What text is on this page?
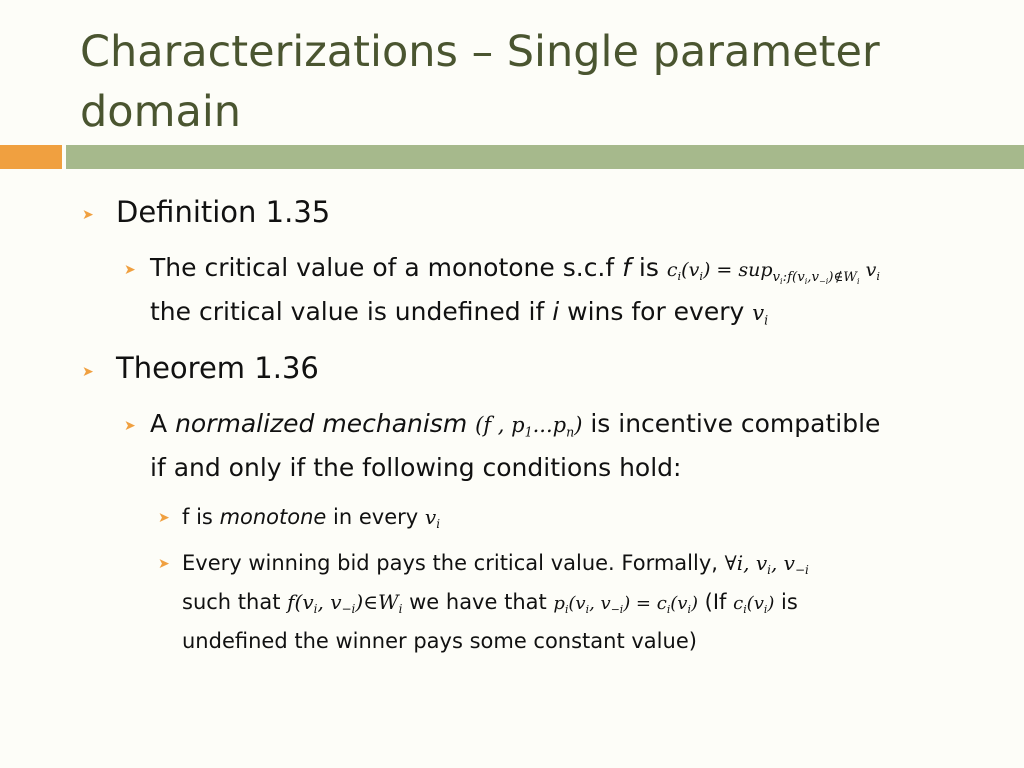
Characterizations – Single parameter domain
➤ Definition 1.35
➤ The critical value of a monotone s.c.f f is $c_i(v_i) = sup_{v_i:f(v_i,v_{-i})\notin W_i}$ $v_i$
the critical value is undefined if i wins for every $v_i$
➤ Theorem 1.36
➤ A normalized mechanism (f , $p_1...p_n$) is incentive compatible
if and only if the following conditions hold:
➤ f is monotone in every $v_i$
➤ Every winning bid pays the critical value. Formally, ∀i, $v_i$, $v_{-i}$
such that $f(v_i$, $v_{-i})\in W_i$ we have that $p_i(v_i$, $v_{-i}) = c_i(v_i)$ (If $c_i(v_i)$ is
undefined the winner pays some constant value)
